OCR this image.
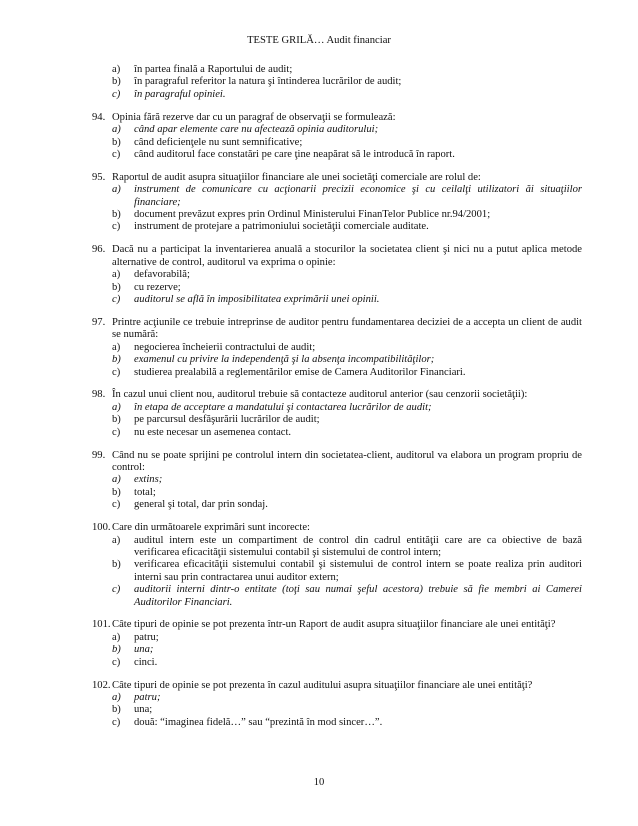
TESTE GRILĂ… Audit financiar
a)	în partea finală a Raportului de audit;
b)	în paragraful referitor la natura şi întinderea lucrărilor de audit;
c)	în paragraful opiniei.
94. Opinia fără rezerve dar cu un paragraf de observaţii se formulează:
a)	când apar elemente care nu afectează opinia auditorului;
b)	când deficienţele nu sunt semnificative;
c)	când auditorul face constatări pe care ţine neapărat să le introducă în raport.
95. Raportul de audit asupra situaţiilor financiare ale unei societăţi comerciale are rolul de:
a)	instrument de comunicare cu acţionarii precizii economice şi cu ceilalţi utilizatori ăi situaţiilor financiare;
b)	document prevăzut expres prin Ordinul Ministerului FinanTelor Publice nr.94/2001;
c)	instrument de protejare a patrimoniului societăţii comerciale auditate.
96. Dacă nu a participat la inventarierea anuală a stocurilor la societatea client şi nici nu a putut aplica metode alternative de control, auditorul va exprima o opinie:
a)	defavorabilă;
b)	cu rezerve;
c)	auditorul se află în imposibilitatea exprimării unei opinii.
97. Printre acţiunile ce trebuie intreprinse de auditor pentru fundamentarea deciziei de a accepta un client de audit se numără:
a)	negocierea încheierii contractului de audit;
b)	examenul cu privire la independenţă şi la absenţa incompatibilităţilor;
c)	studierea prealabilă a reglementărilor emise de Camera Auditorilor Financiari.
98. În cazul unui client nou, auditorul trebuie să contacteze auditorul anterior (sau cenzorii societăţii):
a)	în etapa de acceptare a mandatului şi contactarea lucrărilor de audit;
b)	pe parcursul desfăşurării lucrărilor de audit;
c)	nu este necesar un asemenea contact.
99. Când nu se poate sprijini pe controlul intern din societatea-client, auditorul va elabora un program propriu de control:
a)	extins;
b)	total;
c)	general şi total, dar prin sondaj.
100. Care din următoarele exprimări sunt incorecte:
a)	auditul intern este un compartiment de control din cadrul entităţii care are ca obiective de bază verificarea eficacităţii sistemului contabil şi sistemului de control intern;
b)	verificarea eficacităţii sistemului contabil şi sistemului de control intern se poate realiza prin auditori interni sau prin contractarea unui auditor extern;
c)	auditorii interni dintr-o entitate (toţi sau numai şeful acestora) trebuie să fie membri ai Camerei Auditorilor Financiari.
101. Câte tipuri de opinie se pot prezenta într-un Raport de audit asupra situaţiilor financiare ale unei entităţi?
a)	patru;
b)	una;
c)	cinci.
102. Câte tipuri de opinie se pot prezenta în cazul auditului asupra situaţiilor financiare ale unei entităţi?
a)	patru;
b)	una;
c)	două: “imaginea fidelă…” sau “prezintă în mod sincer…”.
10
